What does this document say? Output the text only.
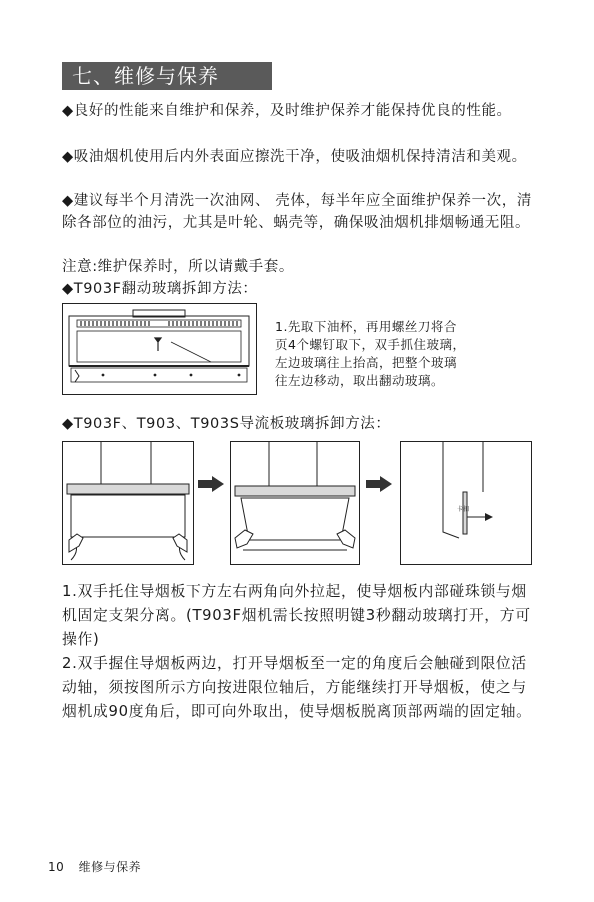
七、维修与保养
◆良好的性能来自维护和保养，及时维护保养才能保持优良的性能。
◆吸油烟机使用后内外表面应擦洗干净，使吸油烟机保持清洁和美观。
◆建议每半个月清洗一次油网、 壳体，每半年应全面维护保养一次，清除各部位的油污，尤其是叶轮、蜗壳等，确保吸油烟机排烟畅通无阻。
注意:维护保养时，所以请戴手套。
◆T903F翻动玻璃拆卸方法：
1.先取下油杯，再用螺丝刀将合
页4个螺钉取下，双手抓住玻璃，
左边玻璃往上抬高，把整个玻璃
往左边移动，取出翻动玻璃。
◆T903F、T903、T903S导流板玻璃拆卸方法：
卡扣
1.双手托住导烟板下方左右两角向外拉起，使导烟板内部碰珠锁与烟机固定支架分离。(T903F烟机需长按照明键3秒翻动玻璃打开，方可操作)
2.双手握住导烟板两边，打开导烟板至一定的角度后会触碰到限位活动轴，须按图所示方向按进限位轴后，方能继续打开导烟板，使之与烟机成90度角后，即可向外取出，使导烟板脱离顶部两端的固定轴。
10 维修与保养
